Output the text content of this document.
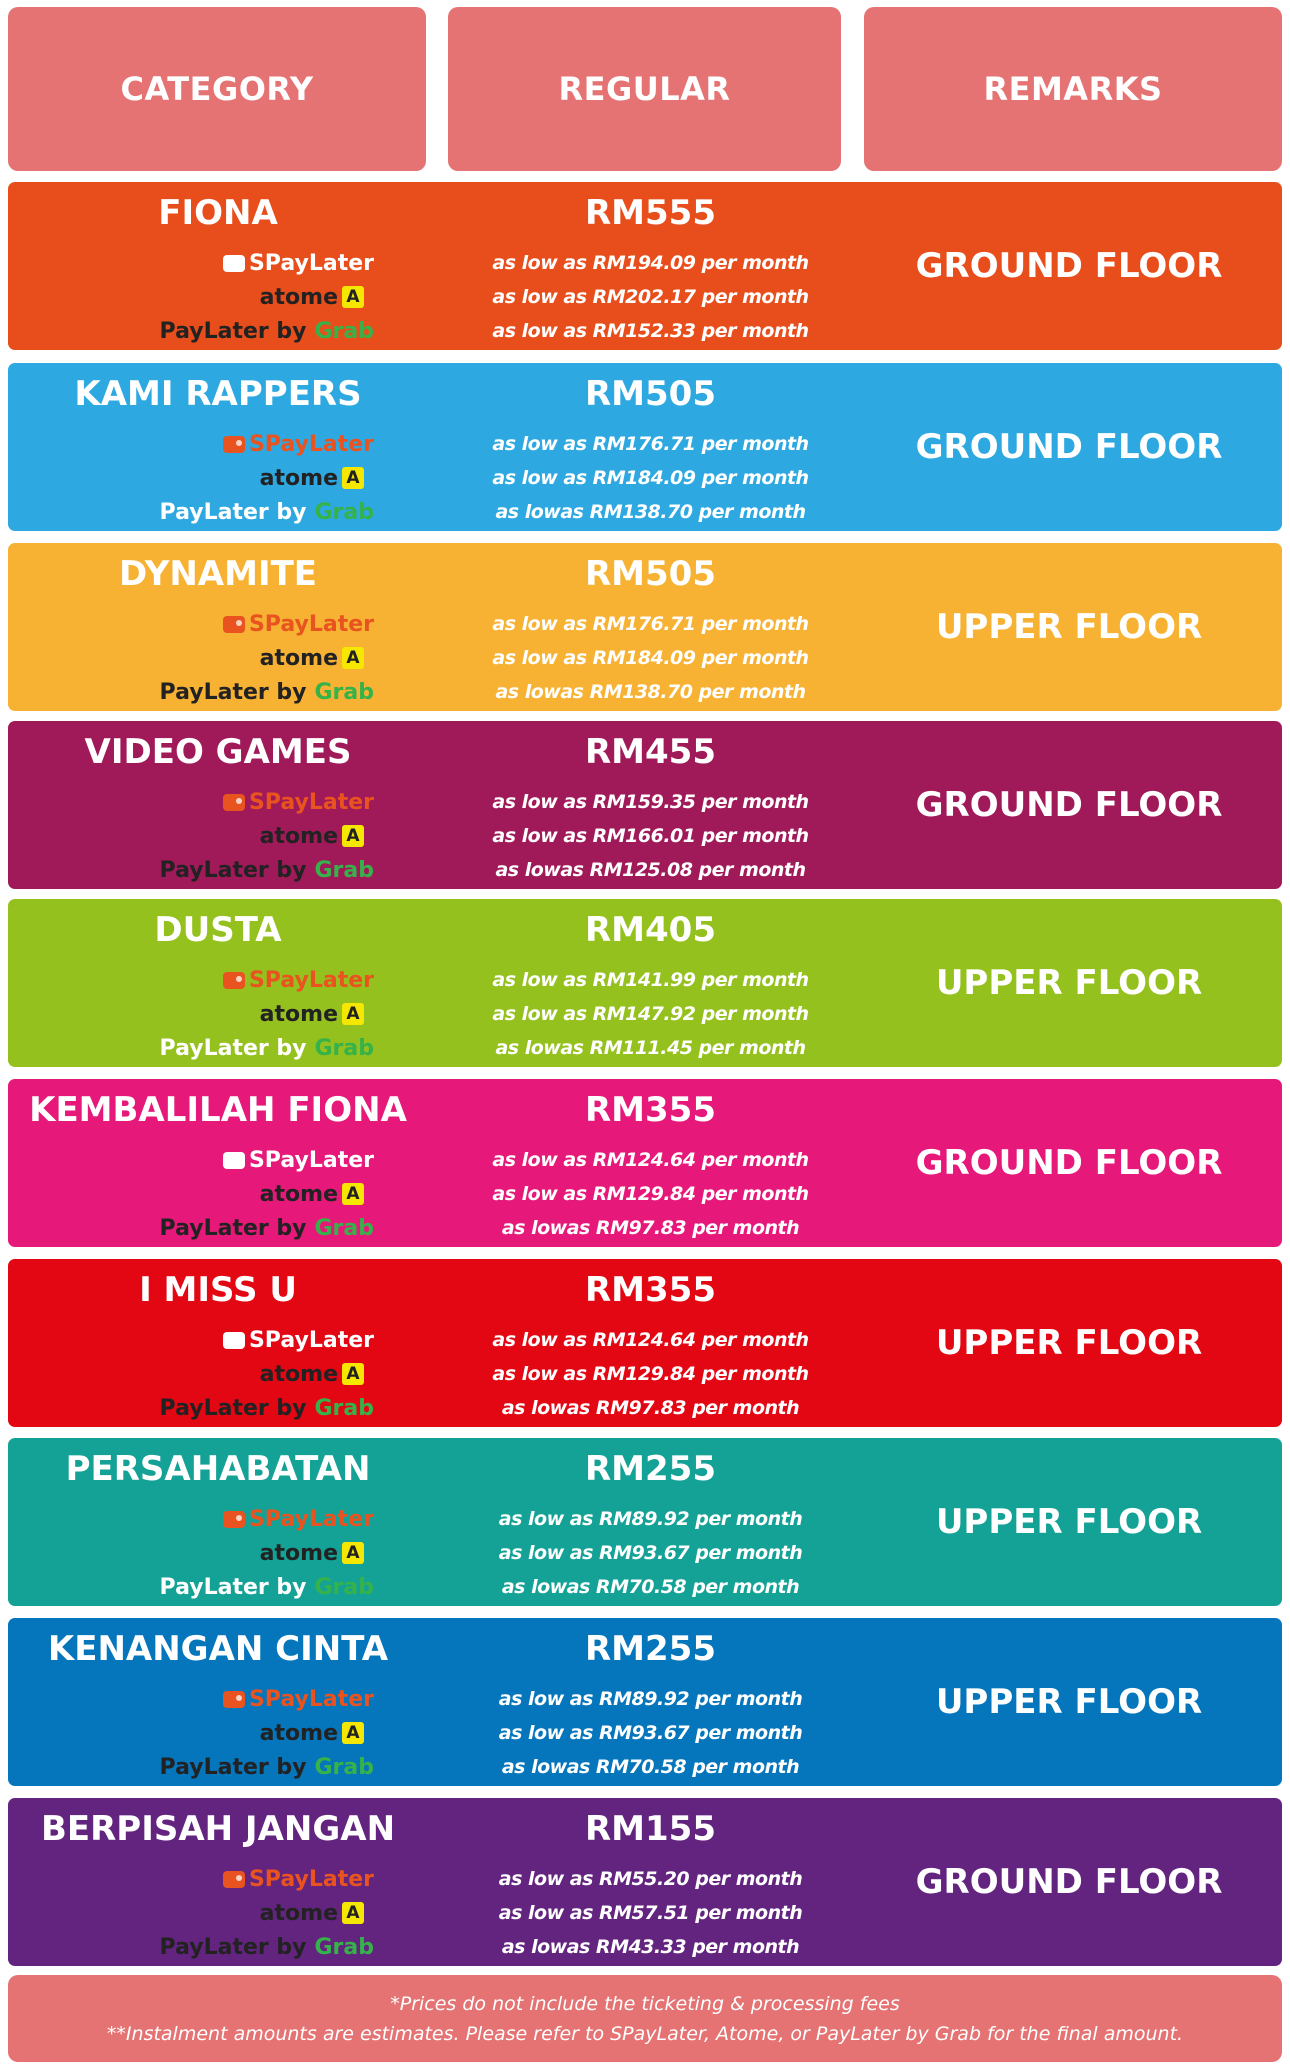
CATEGORY	REGULAR	REMARKS
FIONA
SPayLater
atome A
PayLater by Grab
RM555
as low as RM194.09 per month
as low as RM202.17 per month
as low as RM152.33 per month
GROUND FLOOR
KAMI RAPPERS
SPayLater
atome A
PayLater by Grab
RM505
as low as RM176.71 per month
as low as RM184.09 per month
as lowas RM138.70 per month
GROUND FLOOR
DYNAMITE
SPayLater
atome A
PayLater by Grab
RM505
as low as RM176.71 per month
as low as RM184.09 per month
as lowas RM138.70 per month
UPPER FLOOR
VIDEO GAMES
SPayLater
atome A
PayLater by Grab
RM455
as low as RM159.35 per month
as low as RM166.01 per month
as lowas RM125.08 per month
GROUND FLOOR
DUSTA
SPayLater
atome A
PayLater by Grab
RM405
as low as RM141.99 per month
as low as RM147.92 per month
as lowas RM111.45 per month
UPPER FLOOR
KEMBALILAH FIONA
SPayLater
atome A
PayLater by Grab
RM355
as low as RM124.64 per month
as low as RM129.84 per month
as lowas RM97.83 per month
GROUND FLOOR
I MISS U
SPayLater
atome A
PayLater by Grab
RM355
as low as RM124.64 per month
as low as RM129.84 per month
as lowas RM97.83 per month
UPPER FLOOR
PERSAHABATAN
SPayLater
atome A
PayLater by Grab
RM255
as low as RM89.92 per month
as low as RM93.67 per month
as lowas RM70.58 per month
UPPER FLOOR
KENANGAN CINTA
SPayLater
atome A
PayLater by Grab
RM255
as low as RM89.92 per month
as low as RM93.67 per month
as lowas RM70.58 per month
UPPER FLOOR
BERPISAH JANGAN
SPayLater
atome A
PayLater by Grab
RM155
as low as RM55.20 per month
as low as RM57.51 per month
as lowas RM43.33 per month
GROUND FLOOR
*Prices do not include the ticketing & processing fees
**Instalment amounts are estimates. Please refer to SPayLater, Atome, or PayLater by Grab for the final amount.
